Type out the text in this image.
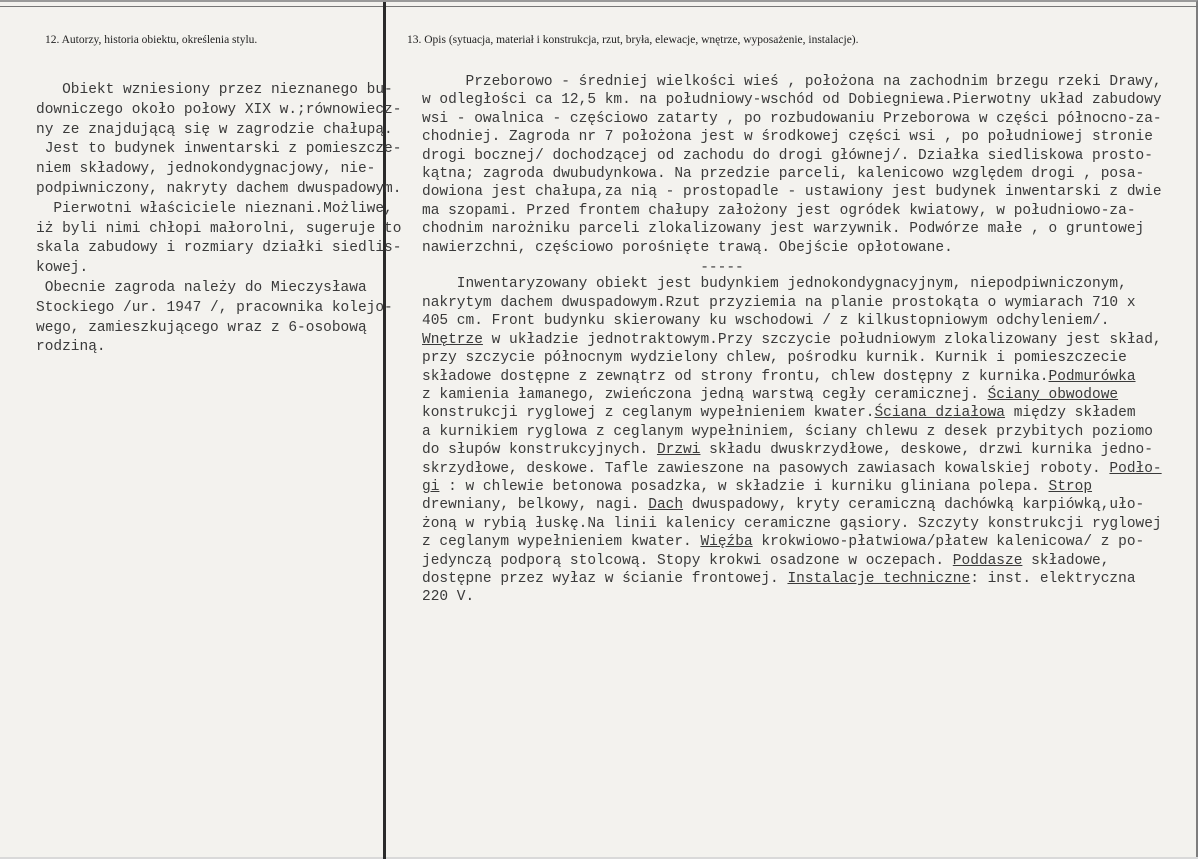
12. Autorzy, historia obiektu, określenia stylu.	13. Opis (sytuacja, materiał i konstrukcja, rzut, bryła, elewacje, wnętrze, wyposażenie, instalacje).
Obiekt wzniesiony przez nieznanego bu-
downiczego około połowy XIX w.;równowiecz-
ny ze znajdującą się w zagrodzie chałupą.
Jest to budynek inwentarski z pomieszcze-
niem składowy, jednokondygnacjowy, nie-
podpiwniczony, nakryty dachem dwuspadowym.
Pierwotni właściciele nieznani.Możliwe,
iż byli nimi chłopi małorolni, sugeruje to
skala zabudowy i rozmiary działki siedlis-
kowej.
Obecnie zagroda należy do Mieczysława
Stockiego /ur. 1947 /, pracownika kolejo-
wego, zamieszkującego wraz z 6-osobową
rodziną.
Przeborowo - średniej wielkości wieś , położona na zachodnim brzegu rzeki Drawy,
w odległości ca 12,5 km. na południowy-wschód od Dobiegniewa.Pierwotny układ zabudowy
wsi - owalnica - częściowo zatarty , po rozbudowaniu Przeborowa w części północno-za-
chodniej. Zagroda nr 7 położona jest w środkowej części wsi , po południowej stronie
drogi bocznej/ dochodzącej od zachodu do drogi głównej/. Działka siedliskowa prosto-
kątna; zagroda dwubudynkowa. Na przedzie parceli, kalenicowo względem drogi , posa-
dowiona jest chałupa,za nią - prostopadle - ustawiony jest budynek inwentarski z dwie
ma szopami. Przed frontem chałupy założony jest ogródek kwiatowy, w południowo-za-
chodnim narożniku parceli zlokalizowany jest warzywnik. Podwórze małe , o gruntowej
nawierzchni, częściowo porośnięte trawą. Obejście opłotowane.
-----
Inwentaryzowany obiekt jest budynkiem jednokondygnacyjnym, niepodpiwniczonym,
nakrytym dachem dwuspadowym.Rzut przyziemia na planie prostokąta o wymiarach 710 x
405 cm. Front budynku skierowany ku wschodowi / z kilkustopniowym odchyleniem/.
Wnętrze w układzie jednotraktowym.Przy szczycie południowym zlokalizowany jest skład,
przy szczycie północnym wydzielony chlew, pośrodku kurnik. Kurnik i pomieszczecie
składowe dostępne z zewnątrz od strony frontu, chlew dostępny z kurnika.Podmurówka
z kamienia łamanego, zwieńczona jedną warstwą cegły ceramicznej. Ściany obwodowe
konstrukcji ryglowej z ceglanym wypełnieniem kwater.Ściana działowa między składem
a kurnikiem ryglowa z ceglanym wypełniniem, ściany chlewu z desek przybitych poziomo
do słupów konstrukcyjnych. Drzwi składu dwuskrzydłowe, deskowe, drzwi kurnika jedno-
skrzydłowe, deskowe. Tafle zawieszone na pasowych zawiasach kowalskiej roboty. Podło-
gi : w chlewie betonowa posadzka, w składzie i kurniku gliniana polepa. Strop
drewniany, belkowy, nagi. Dach dwuspadowy, kryty ceramiczną dachówką karpiówką,uło-
żoną w rybią łuskę.Na linii kalenicy ceramiczne gąsiory. Szczyty konstrukcji ryglowej
z ceglanym wypełnieniem kwater. Więźba krokwiowo-płatwiowa/płatew kalenicowa/ z po-
jedynczą podporą stolcową. Stopy krokwi osadzone w oczepach. Poddasze składowe,
dostępne przez wyłaz w ścianie frontowej. Instalacje techniczne: inst. elektryczna
220 V.
